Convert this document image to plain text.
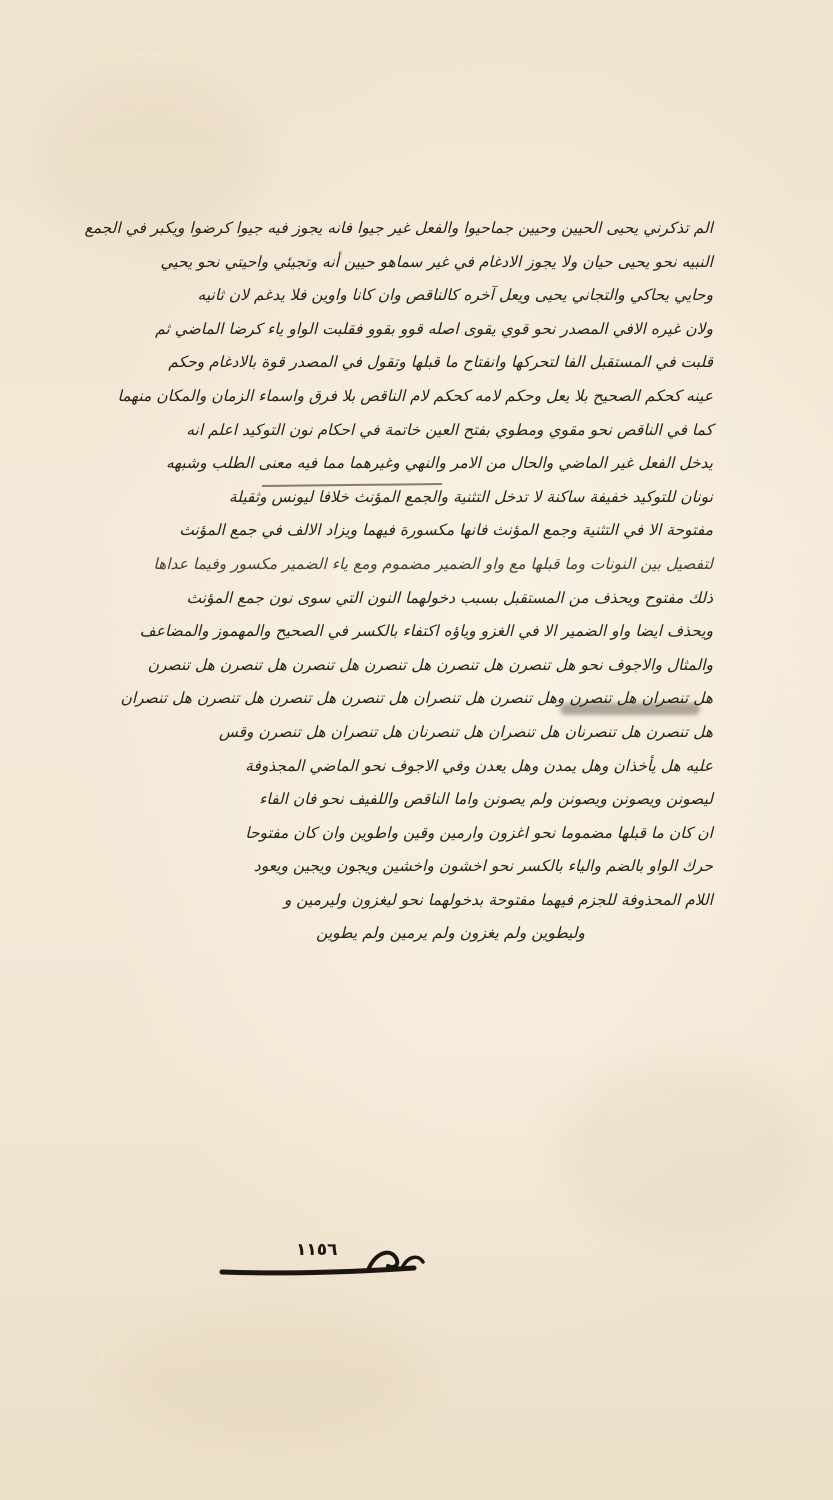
الم تذكرني يحيى الحيين وحيين جماحيوا والفعل غير جيوا فانه يجوز فيه جيوا كرضوا ويكبر في الجمع
النبيه نحو يحيى حيان ولا يجوز الادغام في غير سماهو حيين أنه وتجيئي واحيتي نحو يحيي
وحايي يحاكي والتجاني يحيى ويعل آخره كالناقص وان كانا واوين فلا يدغم لان ثانيه
ولان غيره الافي المصدر نحو قوي يقوى اصله قوو بقوو فقلبت الواو ياء كرضا الماضي ثم
قلبت في المستقبل الفا لتحركها وانفتاح ما قبلها وتقول في المصدر قوة بالادغام وحكم
عينه كحكم الصحيح بلا يعل وحكم لامه كحكم لام الناقص بلا فرق واسماء الزمان والمكان منهما
كما في الناقص نحو مقوي ومطوي بفتح العين خاتمة في احكام نون التوكيد اعلم انه
يدخل الفعل غير الماضي والحال من الامر والنهي وغيرهما مما فيه معنى الطلب وشبهه
نونان للتوكيد خفيفة ساكنة لا تدخل التثنية والجمع المؤنث خلافا ليونس وثقيلة
مفتوحة الا في التثنية وجمع المؤنث فانها مكسورة فيهما ويزاد الالف في جمع المؤنث
لتفصيل بين النونات وما قبلها مع واو الضمير مضموم ومع ياء الضمير مكسور وفيما عداها
ذلك مفتوح ويحذف من المستقبل بسبب دخولهما النون التي سوى نون جمع المؤنث
ويحذف ايضا واو الضمير الا في الغزو وياؤه اكتفاء بالكسر في الصحيح والمهموز والمضاعف
والمثال والاجوف نحو هل تنصرن هل تنصرن هل تنصرن هل تنصرن هل تنصرن هل تنصرن
هل تنصران هل تنصرن وهل تنصرن هل تنصران هل تنصرن هل تنصرن هل تنصرن هل تنصران
هل تنصرن هل تنصرنان هل تنصران هل تنصرنان هل تنصران هل تنصرن وقس
عليه هل يأخذان وهل يمدن وهل يعدن وفي الاجوف نحو الماضي المجذوفة
ليصونن ويصونن ويصونن ولم يصونن واما الناقص واللفيف نحو فان الفاء
ان كان ما قبلها مضموما نحو اغزون وارمين وقين واطوين وان كان مفتوحا
حرك الواو بالضم والياء بالكسر نحو اخشون واخشين ويجون ويجين ويعود
اللام المحذوفة للجزم فيهما مفتوحة بدخولهما نحو ليغزون وليرمين و
وليطوين ولم يغزون ولم يرمين ولم يطوين
١١٥٦
